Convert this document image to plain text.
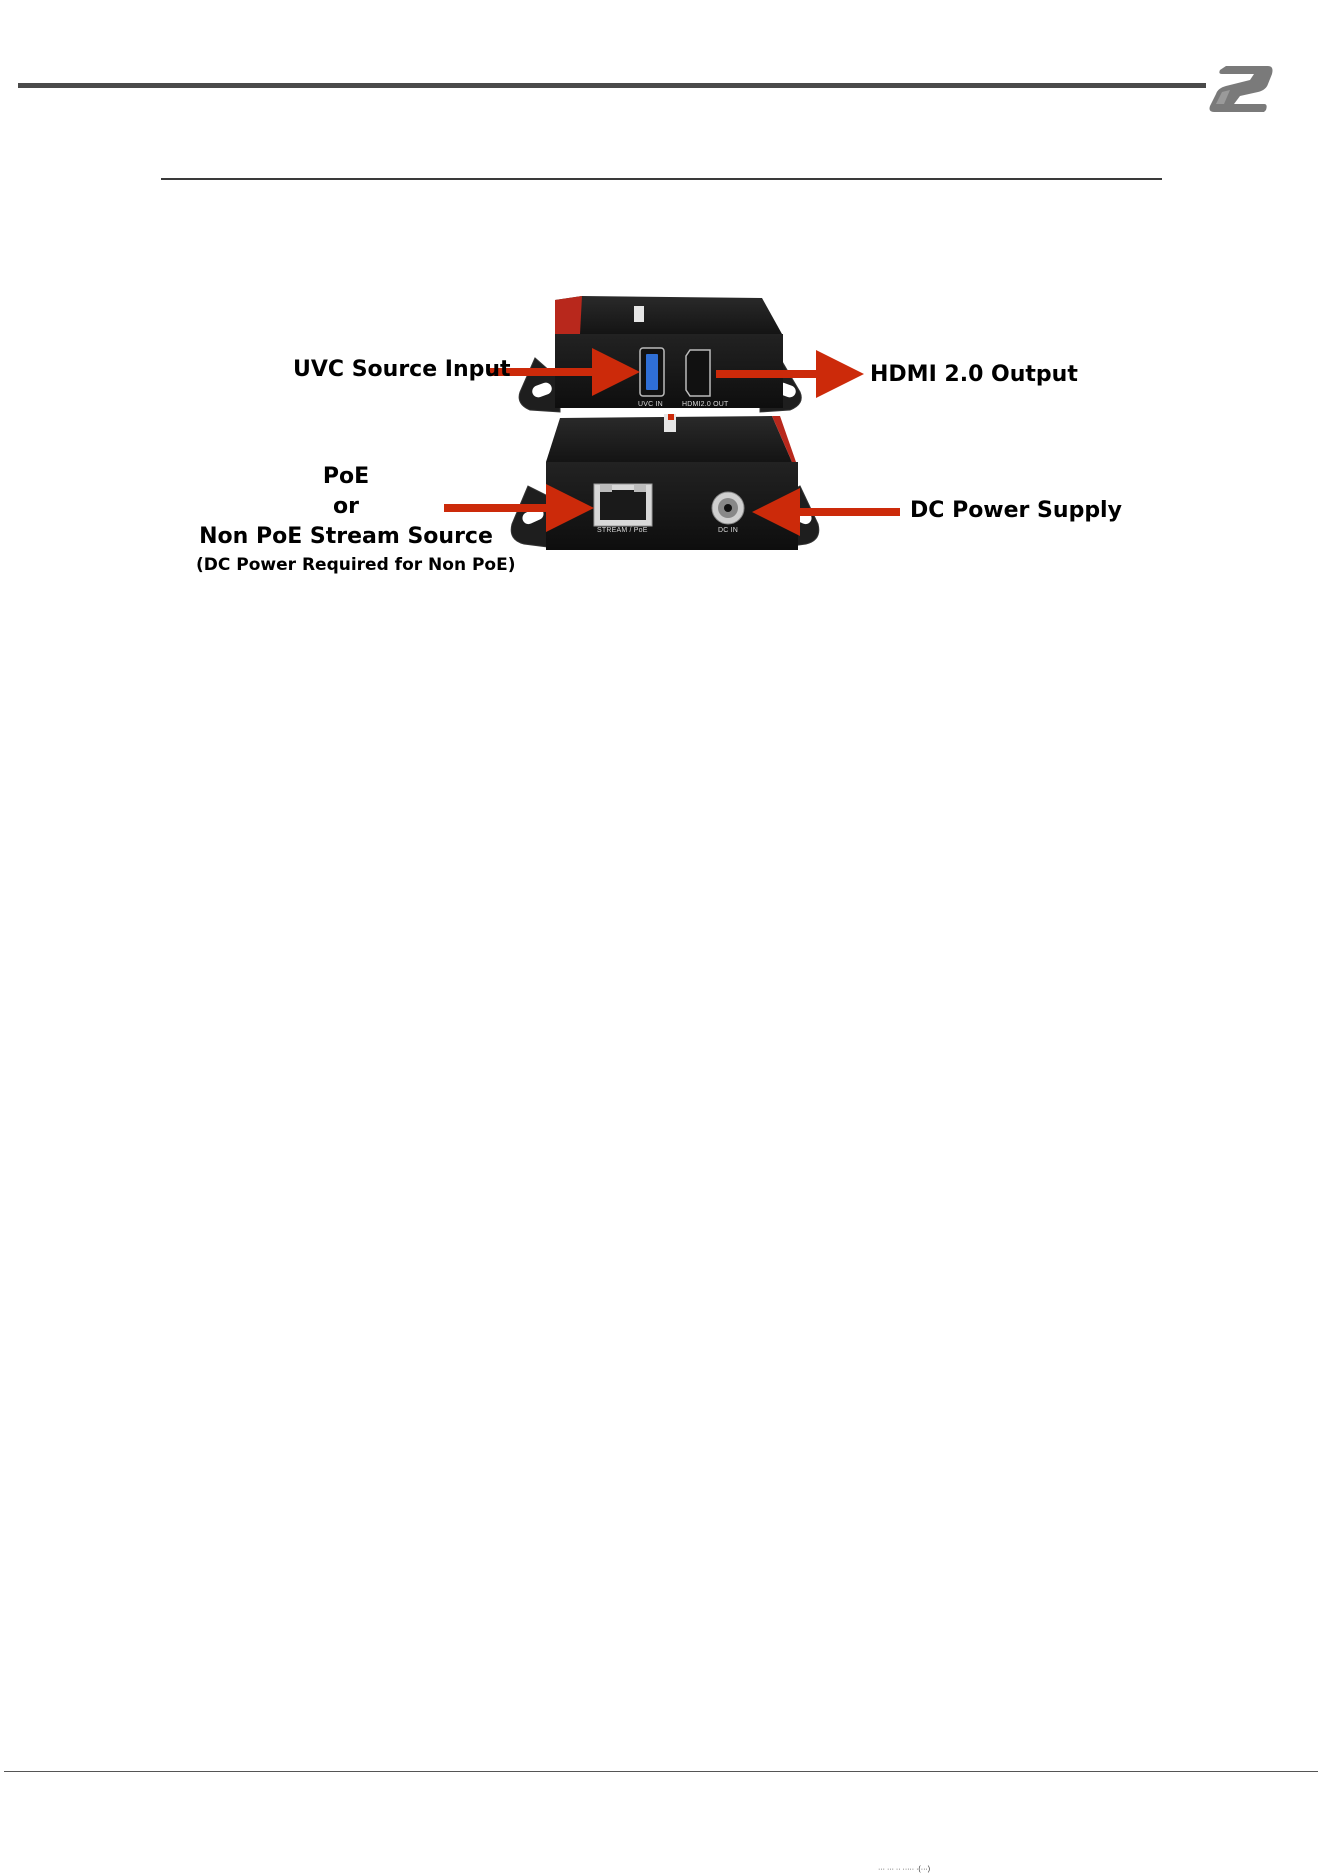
UVC IN	HDMI2.0 OUT
STREAM / PoE	DC IN
UVC Source Input	HDMI 2.0 Output
DC Power Supply
PoE
or
Non PoE Stream Source
(DC Power Required for Non PoE)
··· ··· ·· ····· ·(···)
